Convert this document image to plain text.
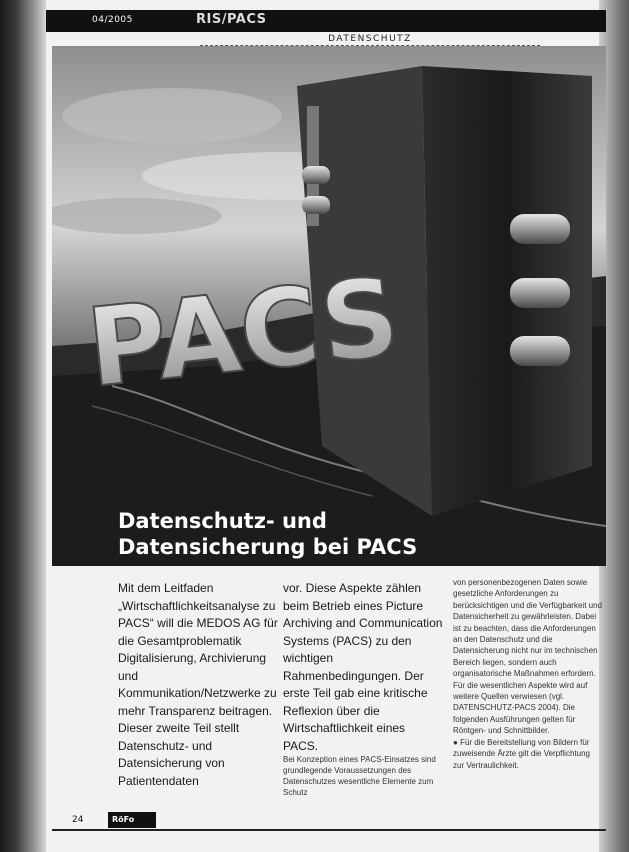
04/2005	RIS/PACS
DATENSCHUTZ
PACS
Datenschutz- und
Datensicherung bei PACS
Mit dem Leitfaden „Wirtschaftlichkeitsanalyse zu PACS“ will die MEDOS AG für die Gesamtproblematik Digitalisierung, Archivierung und Kommunikation/Netzwerke zu mehr Transparenz beitragen. Dieser zweite Teil stellt Datenschutz- und Datensicherung von Patientendaten
vor. Diese Aspekte zählen beim Betrieb eines Picture Archiving and Communication Systems (PACS) zu den wichtigen Rahmenbedingungen. Der erste Teil gab eine kritische Reflexion über die Wirtschaftlichkeit eines PACS.
Bei Konzeption eines PACS-Einsatzes sind grundlegende Voraussetzungen des Datenschutzes wesentliche Elemente zum Schutz
von personenbezogenen Daten sowie gesetzliche Anforderungen zu berücksichtigen und die Verfügbarkeit und Datensicherheit zu gewährleisten. Dabei ist zu beachten, dass die Anforderungen an den Datenschutz und die Datensicherung nicht nur im technischen Bereich liegen, sondern auch organisatorische Maßnahmen erfordern. Für die wesentlichen Aspekte wird auf weitere Quellen verwiesen (vgl. DATENSCHUTZ-PACS 2004). Die folgenden Ausführungen gelten für Röntgen- und Schnittbilder.
● Für die Bereitstellung von Bildern für zuweisende Ärzte gilt die Verpflichtung zur Vertraulichkeit.
24	RöFo
